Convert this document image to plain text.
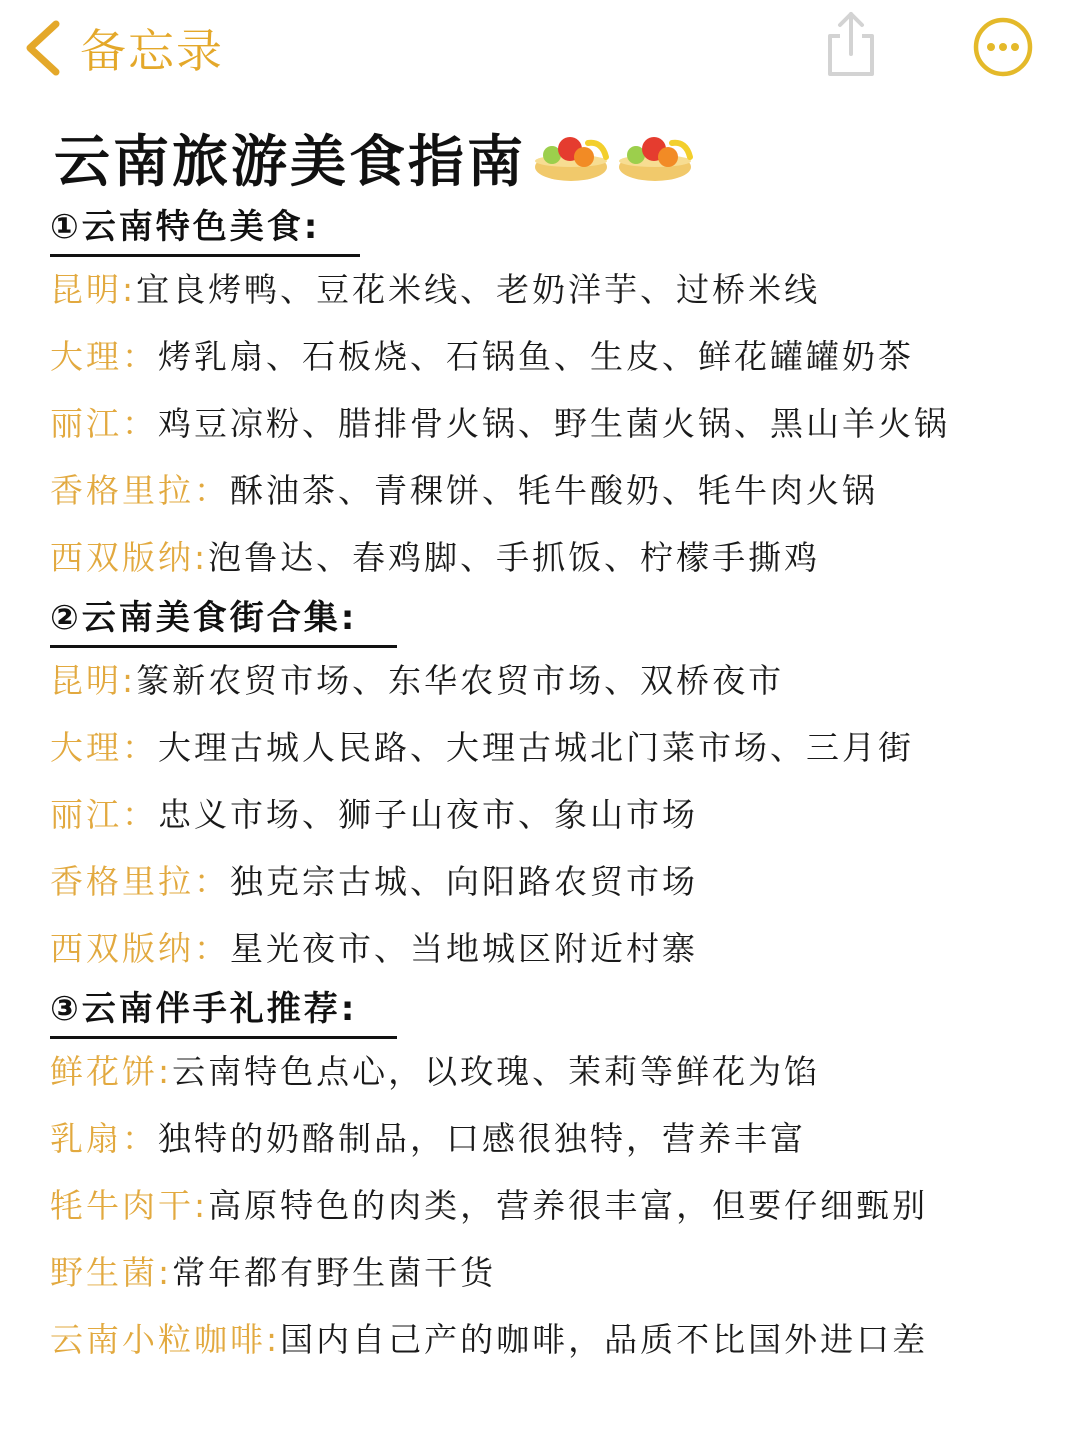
备忘录
云南旅游美食指南
①云南特色美食:
昆明:宜良烤鸭、豆花米线、老奶洋芋、过桥米线
大理：烤乳扇、石板烧、石锅鱼、生皮、鲜花罐罐奶茶
丽江：鸡豆凉粉、腊排骨火锅、野生菌火锅、黑山羊火锅
香格里拉：酥油茶、青稞饼、牦牛酸奶、牦牛肉火锅
西双版纳:泡鲁达、春鸡脚、手抓饭、柠檬手撕鸡
②云南美食街合集:
昆明:篆新农贸市场、东华农贸市场、双桥夜市
大理：大理古城人民路、大理古城北门菜市场、三月街
丽江：忠义市场、狮子山夜市、象山市场
香格里拉：独克宗古城、向阳路农贸市场
西双版纳：星光夜市、当地城区附近村寨
③云南伴手礼推荐:
鲜花饼:云南特色点心，以玫瑰、茉莉等鲜花为馅
乳扇：独特的奶酪制品，口感很独特，营养丰富
牦牛肉干:高原特色的肉类，营养很丰富，但要仔细甄别
野生菌:常年都有野生菌干货
云南小粒咖啡:国内自己产的咖啡，品质不比国外进口差
